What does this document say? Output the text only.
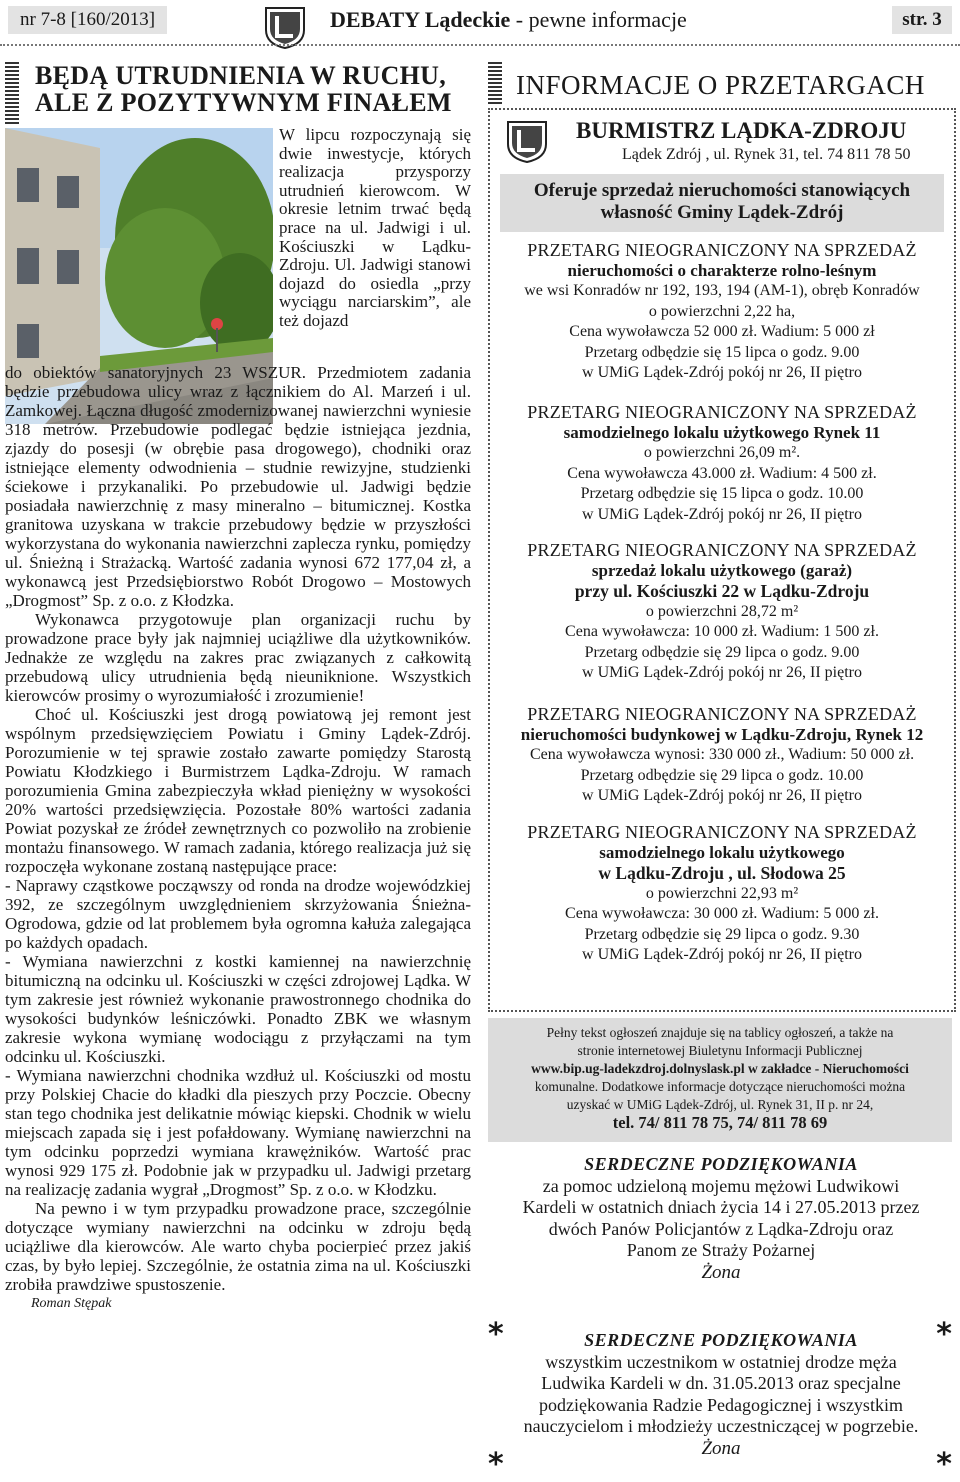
nr 7-8 [160/2013]	DEBATY Lądeckie - pewne informacje	str. 3
BĘDĄ UTRUDNIENIA W RUCHU,
ALE Z POZYTYWNYM FINAŁEM
W lipcu rozpoczynają się dwie inwestycje, których realizacja przysporzy utrudnień kierowcom. W okresie letnim trwać będą prace na ul. Jadwigi i ul. Kościuszki w Lądku-Zdroju. Ul. Jadwigi stanowi dojazd do osiedla „przy wyciągu narciarskim”, ale też dojazd

do obiektów sanatoryjnych 23 WSZUR. Przedmiotem zadania będzie przebudowa ulicy wraz z łącznikiem do Al. Marzeń i ul. Zamkowej. Łączna długość zmodernizowanej nawierzchni wyniesie 318 metrów. Przebudowie podlegać będzie istniejąca jezdnia, zjazdy do posesji (w obrębie pasa drogowego), chodniki oraz istniejące elementy odwodnienia – studnie rewizyjne, studzienki ściekowe i przykanaliki. Po przebudowie ul. Jadwigi będzie posiadała nawierzchnię z masy mineralno – bitumicznej. Kostka granitowa uzyskana w trakcie przebudowy będzie w przyszłości wykorzystana do wykonania nawierzchni zaplecza rynku, pomiędzy ul. Śnieżną i Strażacką. Wartość zadania wynosi 672 177,04 zł, a wykonawcą jest Przedsiębiorstwo Robót Drogowo – Mostowych „Drogmost” Sp. z o.o. z Kłodzka.

Wykonawca przygotowuje plan organizacji ruchu by prowadzone prace były jak najmniej uciążliwe dla użytkowników. Jednakże ze względu na zakres prac związanych z całkowitą przebudową ulicy utrudnienia będą nieuniknione. Wszystkich kierowców prosimy o wyrozumiałość i zrozumienie!

Choć ul. Kościuszki jest drogą powiatową jej remont jest wspólnym przedsięwzięciem Powiatu i Gminy Lądek-Zdrój. Porozumienie w tej sprawie zostało zawarte pomiędzy Starostą Powiatu Kłodzkiego i Burmistrzem Lądka-Zdroju. W ramach porozumienia Gmina zabezpieczyła wkład pieniężny w wysokości 20% wartości przedsięwzięcia. Pozostałe 80% wartości zadania Powiat pozyskał ze źródeł zewnętrznych co pozwoliło na zrobienie montażu finansowego. W ramach zadania, którego realizacja już się rozpoczęła wykonane zostaną następujące prace:

- Naprawy cząstkowe począwszy od ronda na drodze wojewódzkiej 392, ze szczególnym uwzględnieniem skrzyżowania Śnieżna-Ogrodowa, gdzie od lat problemem była ogromna kałuża zalegająca po każdych opadach.

- Wymiana nawierzchni z kostki kamiennej na nawierzchnię bitumiczną na odcinku ul. Kościuszki w części zdrojowej Lądka. W tym zakresie jest również wykonanie prawostronnego chodnika do wysokości budynków leśniczówki. Ponadto ZBK we własnym zakresie wykona wymianę wodociągu z przyłączami na tym odcinku ul. Kościuszki.

- Wymiana nawierzchni chodnika wzdłuż ul. Kościuszki od mostu przy Polskiej Chacie do kładki dla pieszych przy Poczcie. Obecny stan tego chodnika jest delikatnie mówiąc kiepski. Chodnik w wielu miejscach zapada się i jest pofałdowany. Wymianę nawierzchni na tym odcinku poprzedzi wymiana krawężników. Wartość prac wynosi 929 175 zł. Podobnie jak w przypadku ul. Jadwigi przetarg na realizację zadania wygrał „Drogmost” Sp. z o.o. w Kłodzku.

Na pewno i w tym przypadku prowadzone prace, szczególnie dotyczące wymiany nawierzchni na odcinku w zdroju będą uciążliwe dla kierowców. Ale warto chyba pocierpieć przez jakiś czas, by było lepiej. Szczególnie, że ostatnia zima na ul. Kościuszki zrobiła prawdziwe spustoszenie.

Roman Stępak
INFORMACJE O PRZETARGACH
BURMISTRZ LĄDKA-ZDROJU
Lądek Zdrój , ul. Rynek 31, tel. 74 811 78 50
Oferuje sprzedaż nieruchomości stanowiących
własność Gminy Lądek-Zdrój
PRZETARG NIEOGRANICZONY NA SPRZEDAŻ
nieruchomości o charakterze rolno-leśnym
we wsi Konradów nr 192, 193, 194 (AM-1), obręb Konradów
o powierzchni 2,22 ha,
Cena wywoławcza 52 000 zł. Wadium: 5 000 zł
Przetarg odbędzie się 15 lipca o godz. 9.00
w UMiG Lądek-Zdrój pokój nr 26, II piętro
PRZETARG NIEOGRANICZONY NA SPRZEDAŻ
samodzielnego lokalu użytkowego Rynek 11
o powierzchni 26,09 m².
Cena wywoławcza 43.000 zł. Wadium: 4 500 zł.
Przetarg odbędzie się 15 lipca o godz. 10.00
w UMiG Lądek-Zdrój pokój nr 26, II piętro
PRZETARG NIEOGRANICZONY NA SPRZEDAŻ
sprzedaż lokalu użytkowego (garaż)
przy ul. Kościuszki 22 w Lądku-Zdroju
o powierzchni 28,72 m²
Cena wywoławcza: 10 000 zł. Wadium: 1 500 zł.
Przetarg odbędzie się 29 lipca o godz. 9.00
w UMiG Lądek-Zdrój pokój nr 26, II piętro
PRZETARG NIEOGRANICZONY NA SPRZEDAŻ
nieruchomości budynkowej w Lądku-Zdroju, Rynek 12
Cena wywoławcza wynosi: 330 000 zł., Wadium: 50 000 zł.
Przetarg odbędzie się 29 lipca o godz. 10.00
w UMiG Lądek-Zdrój pokój nr 26, II piętro
PRZETARG NIEOGRANICZONY NA SPRZEDAŻ
samodzielnego lokalu użytkowego
w Lądku-Zdroju , ul. Słodowa 25
o powierzchni 22,93 m²
Cena wywoławcza: 30 000 zł. Wadium: 5 000 zł.
Przetarg odbędzie się 29 lipca o godz. 9.30
w UMiG Lądek-Zdrój pokój nr 26, II piętro
Pełny tekst ogłoszeń znajduje się na tablicy ogłoszeń, a także na
stronie internetowej Biuletynu Informacji Publicznej
www.bip.ug-ladekzdroj.dolnyslask.pl w zakładce - Nieruchomości
komunalne. Dodatkowe informacje dotyczące nieruchomości można
uzyskać w UMiG Lądek-Zdrój, ul. Rynek 31, II p. nr 24,
tel. 74/ 811 78 75, 74/ 811 78 69
SERDECZNE PODZIĘKOWANIA
za pomoc udzieloną mojemu mężowi Ludwikowi
Kardeli w ostatnich dniach życia 14 i 27.05.2013 przez
dwóch Panów Policjantów z Lądka-Zdroju oraz
Panom ze Straży Pożarnej
Żona
*	*
*	*
SERDECZNE PODZIĘKOWANIA
wszystkim uczestnikom w ostatniej drodze męża
Ludwika Kardeli w dn. 31.05.2013 oraz specjalne
podziękowania Radzie Pedagogicznej i wszystkim
nauczycielom i młodzieży uczestniczącej w pogrzebie.
Żona
